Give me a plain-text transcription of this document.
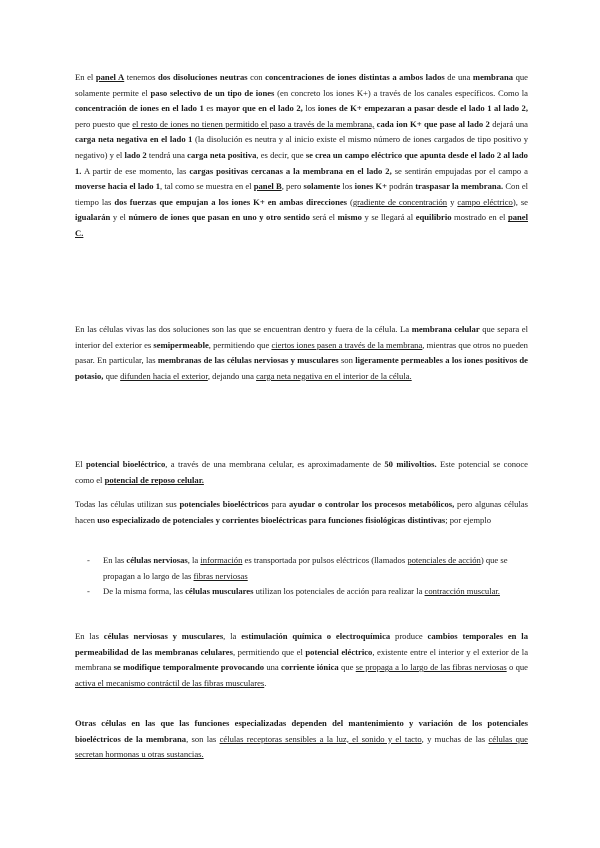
En el panel A tenemos dos disoluciones neutras con concentraciones de iones distintas a ambos lados de una membrana que solamente permite el paso selectivo de un tipo de iones (en concreto los iones K+) a través de los canales específicos. Como la concentración de iones en el lado 1 es mayor que en el lado 2, los iones de K+ empezaran a pasar desde el lado 1 al lado 2, pero puesto que el resto de iones no tienen permitido el paso a través de la membrana, cada ion K+ que pase al lado 2 dejará una carga neta negativa en el lado 1 (la disolución es neutra y al inicio existe el mismo número de iones cargados de tipo positivo y negativo) y el lado 2 tendrá una carga neta positiva, es decir, que se crea un campo eléctrico que apunta desde el lado 2 al lado 1. A partir de ese momento, las cargas positivas cercanas a la membrana en el lado 2, se sentirán empujadas por el campo a moverse hacia el lado 1, tal como se muestra en el panel B, pero solamente los iones K+ podrán traspasar la membrana. Con el tiempo las dos fuerzas que empujan a los iones K+ en ambas direcciones (gradiente de concentración y campo eléctrico), se igualarán y el número de iones que pasan en uno y otro sentido será el mismo y se llegará al equilibrio mostrado en el panel C.

En las células vivas las dos soluciones son las que se encuentran dentro y fuera de la célula. La membrana celular que separa el interior del exterior es semipermeable, permitiendo que ciertos iones pasen a través de la membrana, mientras que otros no pueden pasar. En particular, las membranas de las células nerviosas y musculares son ligeramente permeables a los iones positivos de potasio, que difunden hacia el exterior, dejando una carga neta negativa en el interior de la célula.

El potencial bioeléctrico, a través de una membrana celular, es aproximadamente de 50 milivoltios. Este potencial se conoce como el potencial de reposo celular.

Todas las células utilizan sus potenciales bioeléctricos para ayudar o controlar los procesos metabólicos, pero algunas células hacen uso especializado de potenciales y corrientes bioeléctricas para funciones fisiológicas distintivas; por ejemplo

- En las células nerviosas, la información es transportada por pulsos eléctricos (llamados potenciales de acción) que se propagan a lo largo de las fibras nerviosas
- De la misma forma, las células musculares utilizan los potenciales de acción para realizar la contracción muscular.

En las células nerviosas y musculares, la estimulación química o electroquímica produce cambios temporales en la permeabilidad de las membranas celulares, permitiendo que el potencial eléctrico, existente entre el interior y el exterior de la membrana se modifique temporalmente provocando una corriente iónica que se propaga a lo largo de las fibras nerviosas o que activa el mecanismo contráctil de las fibras musculares.

Otras células en las que las funciones especializadas dependen del mantenimiento y variación de los potenciales bioeléctricos de la membrana, son las células receptoras sensibles a la luz, el sonido y el tacto, y muchas de las células que secretan hormonas u otras sustancias.
